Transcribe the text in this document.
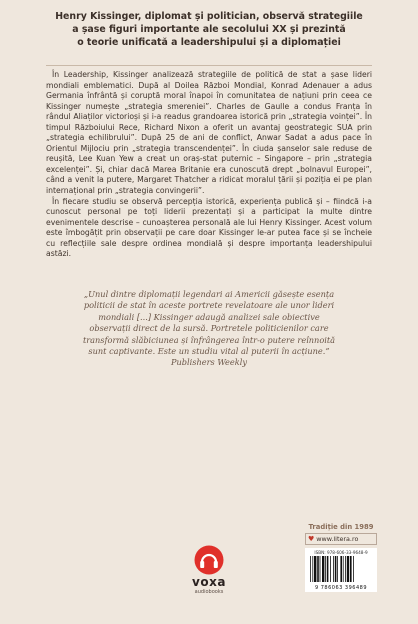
Henry Kissinger, diplomat și politician, observă strategiile
a șase figuri importante ale secolului XX și prezintă
o teorie unificată a leadershipului și a diplomației

În Leadership, Kissinger analizează strategiile de politică de stat a șase lideri mondiali emblematici. După al Doilea Război Mondial, Konrad Adenauer a adus Germania înfrântă și coruptă moral înapoi în comunitatea de națiuni prin ceea ce Kissinger numește „strategia smereniei”. Charles de Gaulle a condus Franța în rândul Aliaților victorioși și i-a readus grandoarea istorică prin „strategia voinței”. În timpul Războiului Rece, Richard Nixon a oferit un avantaj geostrategic SUA prin „strategia echilibrului”. După 25 de ani de conflict, Anwar Sadat a adus pace în Orientul Mijlociu prin „strategia transcendenței”. În ciuda șanselor sale reduse de reușită, Lee Kuan Yew a creat un oraș-stat puternic – Singapore – prin „strategia excelenței”. Și, chiar dacă Marea Britanie era cunoscută drept „bolnavul Europei”, când a venit la putere, Margaret Thatcher a ridicat moralul țării și poziția ei pe plan internațional prin „strategia convingerii”.

În fiecare studiu se observă percepția istorică, experiența publică și – fiindcă i-a cunoscut personal pe toți liderii prezentați și a participat la multe dintre evenimentele descrise – cunoașterea personală ale lui Henry Kissinger. Acest volum este îmbogățit prin observații pe care doar Kissinger le-ar putea face și se încheie cu reflecțiile sale despre ordinea mondială și despre importanța leadershipului astăzi.

„Unul dintre diplomații legendari ai Americii găsește esența politicii de stat în aceste portrete revelatoare ale unor lideri mondiali [...] Kissinger adaugă analizei sale obiective observații direct de la sursă. Portretele politicienilor care transformă slăbiciunea și înfrângerea într-o putere reînnoită sunt captivante. Este un studiu vital al puterii în acțiune.”
Publishers Weekly
voxa
audiobooks
Tradiție din 1989
♥ www.litera.ro
ISBN: 978-606-33-9648-9
9 786063 396489
